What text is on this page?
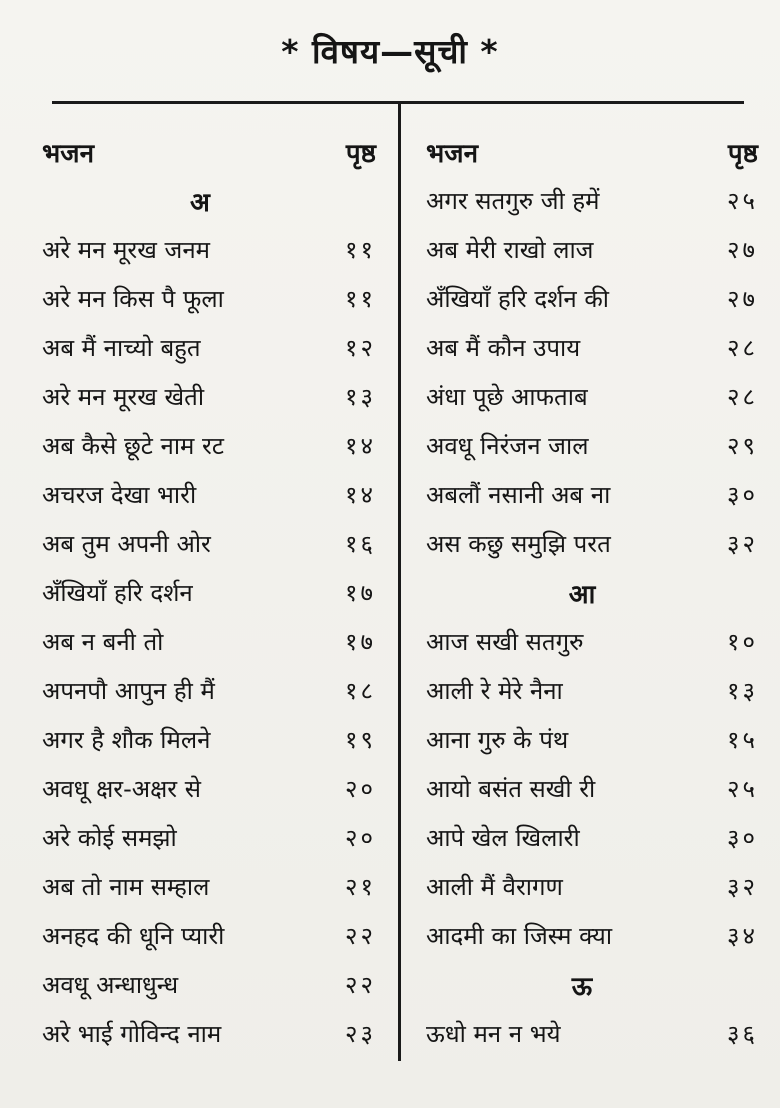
* विषय—सूची *
भजन	पृष्ठ
अ
अरे मन मूरख जनम	११
अरे मन किस पै फूला	११
अब मैं नाच्यो बहुत	१२
अरे मन मूरख खेती	१३
अब कैसे छूटे नाम रट	१४
अचरज देखा भारी	१४
अब तुम अपनी ओर	१६
अँखियाँ हरि दर्शन	१७
अब न बनी तो	१७
अपनपौ आपुन ही मैं	१८
अगर है शौक मिलने	१९
अवधू क्षर-अक्षर से	२०
अरे कोई समझो	२०
अब तो नाम सम्हाल	२१
अनहद की धूनि प्यारी	२२
अवधू अन्धाधुन्ध	२२
अरे भाई गोविन्द नाम	२३
भजन	पृष्ठ
अगर सतगुरु जी हमें	२५
अब मेरी राखो लाज	२७
अँखियाँ हरि दर्शन की	२७
अब मैं कौन उपाय	२८
अंधा पूछे आफताब	२८
अवधू निरंजन जाल	२९
अबलौं नसानी अब ना	३०
अस कछु समुझि परत	३२
आ
आज सखी सतगुरु	१०
आली रे मेरे नैना	१३
आना गुरु के पंथ	१५
आयो बसंत सखी री	२५
आपे खेल खिलारी	३०
आली मैं वैरागण	३२
आदमी का जिस्म क्या	३४
ऊ
ऊधो मन न भये	३६
